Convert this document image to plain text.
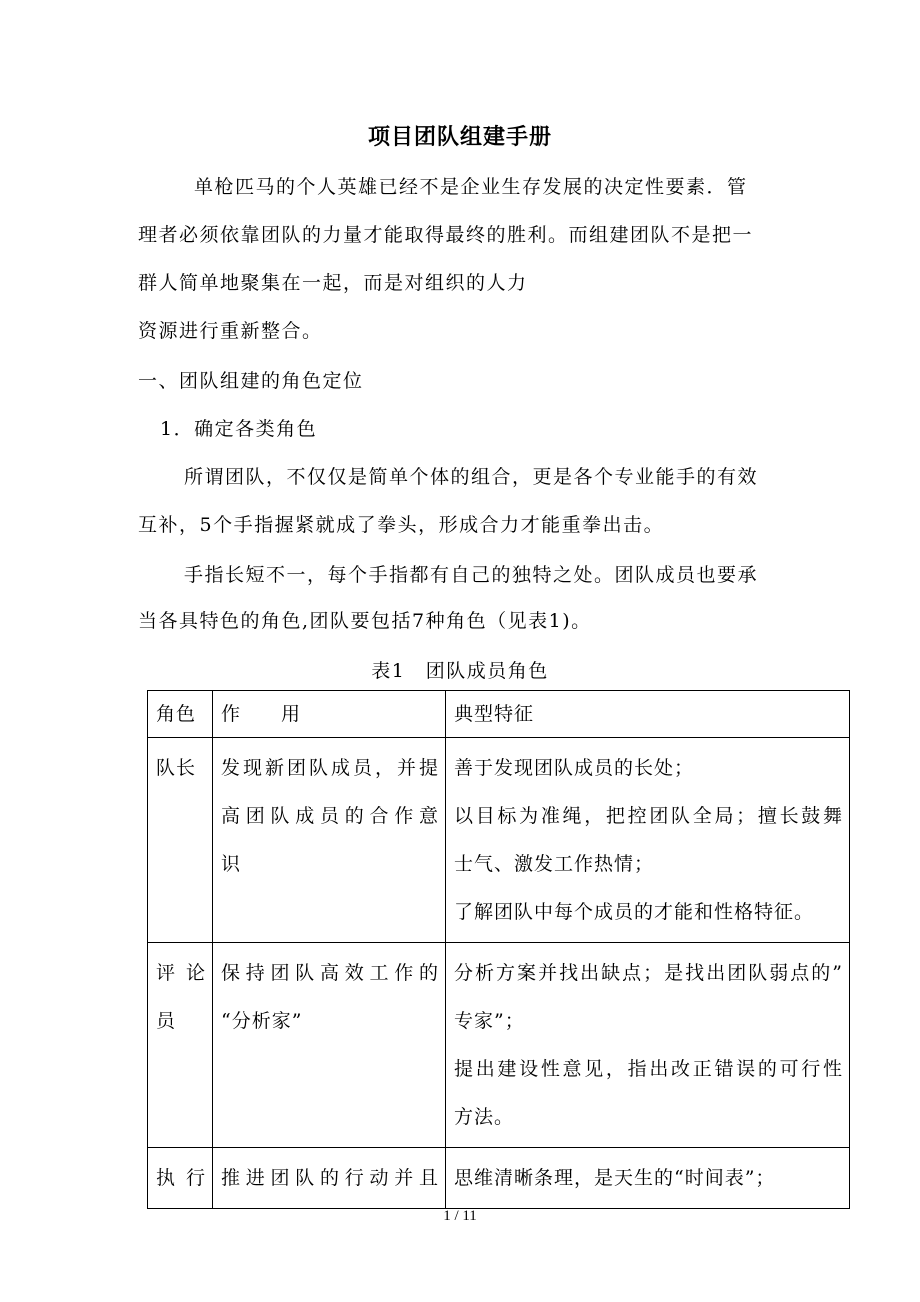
项目团队组建手册
单枪匹马的个人英雄已经不是企业生存发展的决定性要素．管
理者必须依靠团队的力量才能取得最终的胜利。而组建团队不是把一
群人简单地聚集在一起，而是对组织的人力
资源进行重新整合。
一、团队组建的角色定位
1．确定各类角色
所谓团队，不仅仅是简单个体的组合，更是各个专业能手的有效
互补，5个手指握紧就成了拳头，形成合力才能重拳出击。
手指长短不一，每个手指都有自己的独特之处。团队成员也要承
当各具特色的角色,团队要包括7种角色（见表1)。
表1　团队成员角色
角色	作　　用	典型特征
队长	发现新团队成员，并提
高团队成员的合作意
识	善于发现团队成员的长处；
以目标为准绳，把控团队全局；擅长鼓舞
士气、激发工作热情；
了解团队中每个成员的才能和性格特征。

评论
员	保持团队高效工作的
“分析家”	分析方案并找出缺点；是找出团队弱点的”
专家”；
提出建设性意见，指出改正错误的可行性
方法。

执行	推进团队的行动并且	思维清晰条理，是天生的“时间表”；
1 / 11
